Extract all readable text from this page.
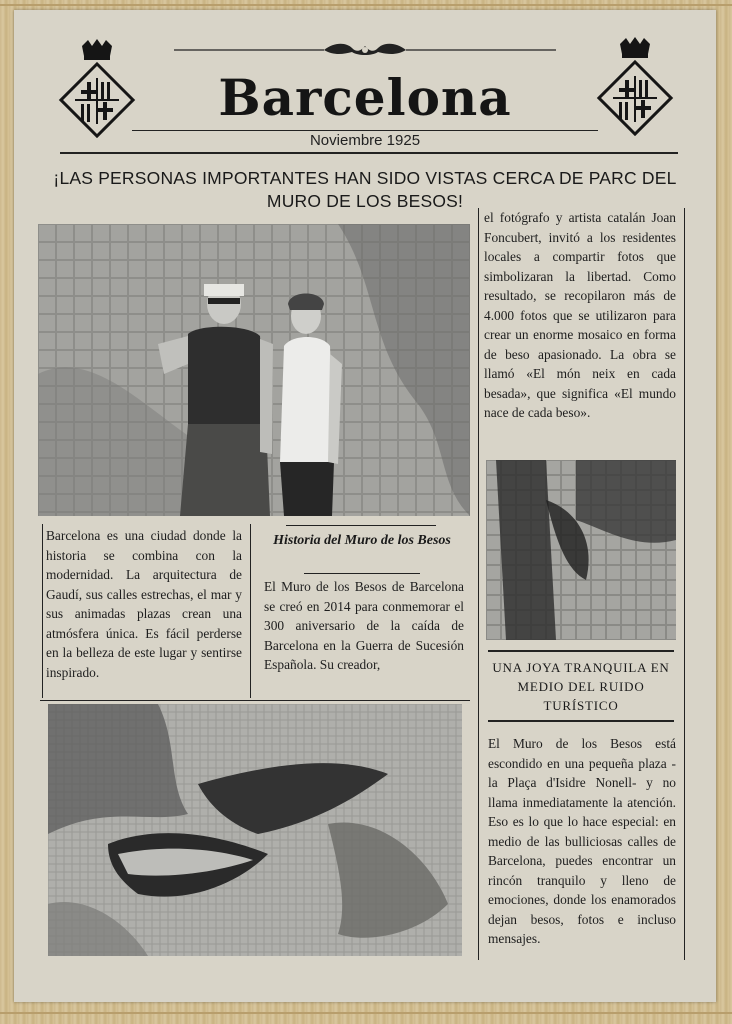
Barcelona
Noviembre 1925
¡LAS PERSONAS IMPORTANTES HAN SIDO VISTAS CERCA DE PARC DEL MURO DE LOS BESOS!
Barcelona es una ciudad donde la historia se combina con la modernidad. La arquitectura de Gaudí, sus calles estrechas, el mar y sus animadas plazas crean una atmósfera única. Es fácil perderse en la belleza de este lugar y sentirse inspirado.
Historia del Muro de los Besos
El Muro de los Besos de Barcelona se creó en 2014 para conmemorar el 300 aniversario de la caída de Barcelona en la Guerra de Sucesión Española. Su creador,
el fotógrafo y artista catalán Joan Foncubert, invitó a los residentes locales a compartir fotos que simbolizaran la libertad. Como resultado, se recopilaron más de 4.000 fotos que se utilizaron para crear un enorme mosaico en forma de beso apasionado. La obra se llamó «El món neix en cada besada», que significa «El mundo nace de cada beso».
UNA JOYA TRANQUILA EN MEDIO DEL RUIDO TURÍSTICO
El Muro de los Besos está escondido en una pequeña plaza -la Plaça d'Isidre Nonell- y no llama inmediatamente la atención. Eso es lo que lo hace especial: en medio de las bulliciosas calles de Barcelona, puedes encontrar un rincón tranquilo y lleno de emociones, donde los enamorados dejan besos, fotos e incluso mensajes.
